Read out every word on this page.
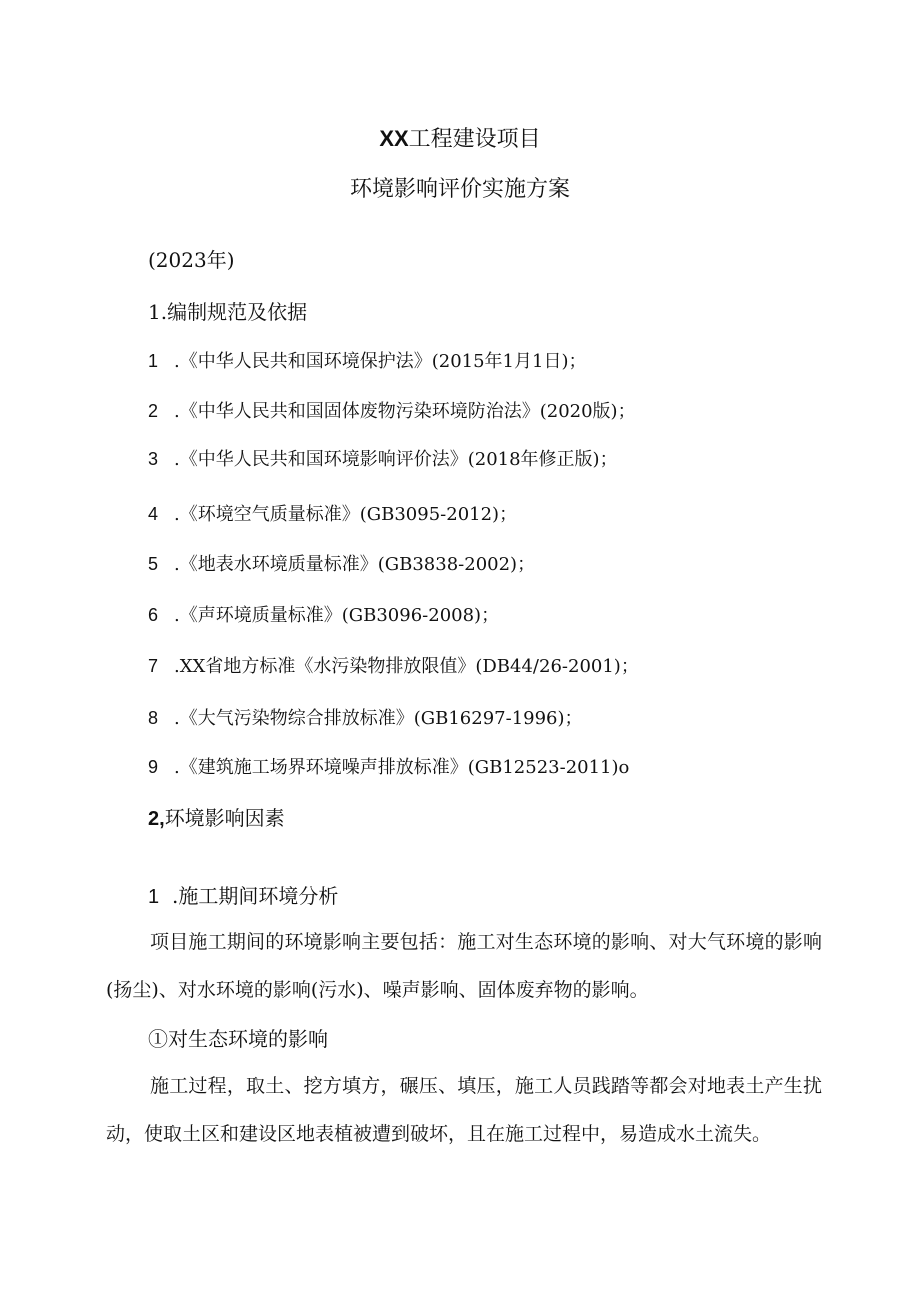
XX工程建设项目
环境影响评价实施方案
(2023年)
1.编制规范及依据
1 .《中华人民共和国环境保护法》(2015年1月1日)；
2 .《中华人民共和国固体废物污染环境防治法》(2020版)；
3 .《中华人民共和国环境影响评价法》(2018年修正版)；
4 .《环境空气质量标准》(GB3095-2012)；
5 .《地表水环境质量标准》(GB3838-2002)；
6 .《声环境质量标准》(GB3096-2008)；
7 .XX省地方标准《水污染物排放限值》(DB44/26-2001)；
8 .《大气污染物综合排放标准》(GB16297-1996)；
9 .《建筑施工场界环境噪声排放标准》(GB12523-2011)o
2,环境影响因素
1 .施工期间环境分析
项目施工期间的环境影响主要包括：施工对生态环境的影响、对大气环境的影响(扬尘)、对水环境的影响(污水)、噪声影响、固体废弃物的影响。
①对生态环境的影响
施工过程，取土、挖方填方，碾压、填压，施工人员践踏等都会对地表土产生扰动，使取土区和建设区地表植被遭到破坏，且在施工过程中，易造成水土流失。
